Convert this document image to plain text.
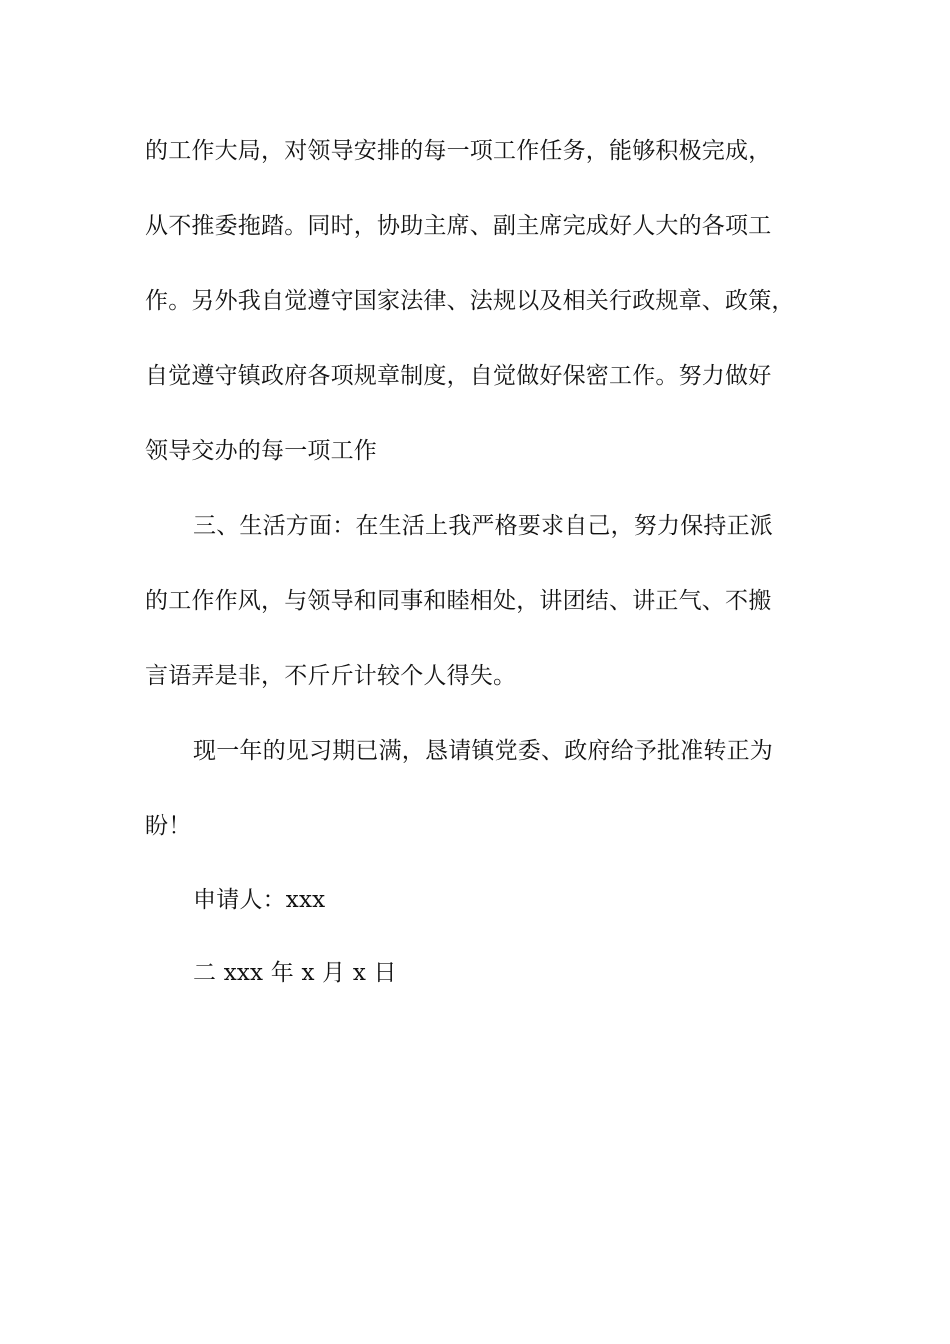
的工作大局，对领导安排的每一项工作任务，能够积极完成，
从不推委拖踏。同时，协助主席、副主席完成好人大的各项工
作。另外我自觉遵守国家法律、法规以及相关行政规章、政策，
自觉遵守镇政府各项规章制度，自觉做好保密工作。努力做好
领导交办的每一项工作
三、生活方面：在生活上我严格要求自己，努力保持正派
的工作作风，与领导和同事和睦相处，讲团结、讲正气、不搬
言语弄是非，不斤斤计较个人得失。
现一年的见习期已满，恳请镇党委、政府给予批准转正为
盼！
申请人：xxx
二 xxx 年 x 月 x 日
